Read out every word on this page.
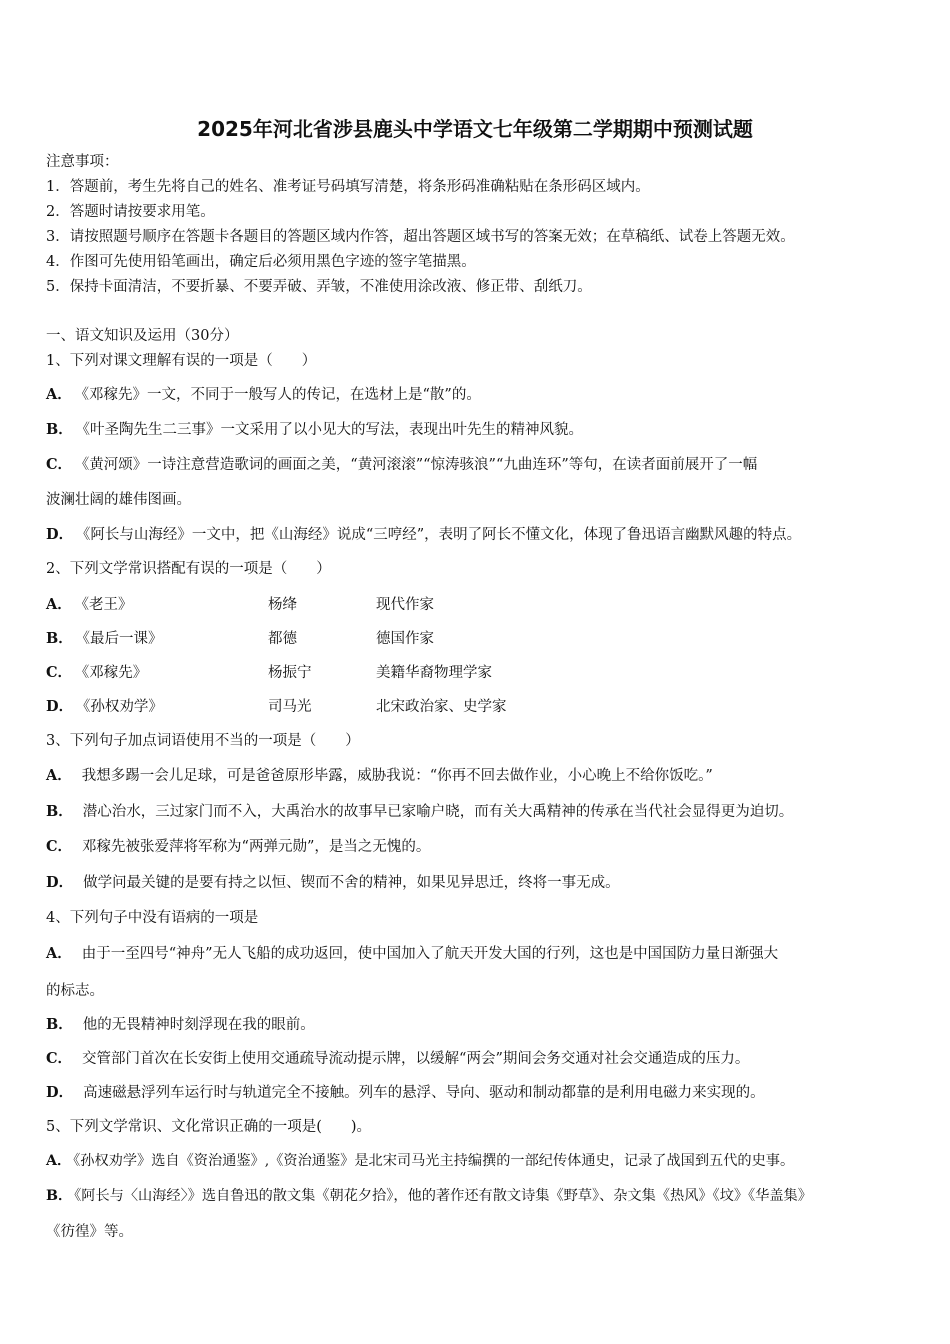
2025年河北省涉县鹿头中学语文七年级第二学期期中预测试题
注意事项：
1．答题前，考生先将自己的姓名、准考证号码填写清楚，将条形码准确粘贴在条形码区域内。
2．答题时请按要求用笔。
3．请按照题号顺序在答题卡各题目的答题区域内作答，超出答题区域书写的答案无效；在草稿纸、试卷上答题无效。
4．作图可先使用铅笔画出，确定后必须用黑色字迹的签字笔描黑。
5．保持卡面清洁，不要折暴、不要弄破、弄皱，不准使用涂改液、修正带、刮纸刀。
一、语文知识及运用（30分）
1、下列对课文理解有误的一项是（　　）
A． 《邓稼先》一文，不同于一般写人的传记，在选材上是“散”的。
B． 《叶圣陶先生二三事》一文采用了以小见大的写法，表现出叶先生的精神风貌。
C． 《黄河颂》一诗注意营造歌词的画面之美，“黄河滚滚”“惊涛骇浪”“九曲连环”等句，在读者面前展开了一幅
波澜壮阔的雄伟图画。
D． 《阿长与山海经》一文中，把《山海经》说成“三哼经”，表明了阿长不懂文化，体现了鲁迅语言幽默风趣的特点。
2、下列文学常识搭配有误的一项是（　　）
A． 《老王》	杨绛	现代作家
B． 《最后一课》	都德	德国作家
C． 《邓稼先》	杨振宁	美籍华裔物理学家
D． 《孙权劝学》	司马光	北宋政治家、史学家
3、下列句子加点词语使用不当的一项是（　　）
A． 我想多踢一会儿足球，可是爸爸原形毕露，威胁我说：“你再不回去做作业，小心晚上不给你饭吃。”
B． 潜心治水，三过家门而不入，大禹治水的故事早已家喻户晓，而有关大禹精神的传承在当代社会显得更为迫切。
C． 邓稼先被张爱萍将军称为“两弹元勋”，是当之无愧的。
D． 做学问最关键的是要有持之以恒、锲而不舍的精神，如果见异思迁，终将一事无成。
4、下列句子中没有语病的一项是
A． 由于一至四号“神舟”无人飞船的成功返回，使中国加入了航天开发大国的行列，这也是中国国防力量日渐强大
的标志。
B． 他的无畏精神时刻浮现在我的眼前。
C． 交管部门首次在长安街上使用交通疏导流动提示牌，以缓解“两会”期间会务交通对社会交通造成的压力。
D． 高速磁悬浮列车运行时与轨道完全不接触。列车的悬浮、导向、驱动和制动都靠的是利用电磁力来实现的。
5、下列文学常识、文化常识正确的一项是(　　)。
A． 《孙权劝学》选自《资治通鉴》,《资治通鉴》是北宋司马光主持编撰的一部纪传体通史，记录了战国到五代的史事。
B． 《阿长与〈山海经〉》选自鲁迅的散文集《朝花夕拾》，他的著作还有散文诗集《野草》、杂文集《热风》《坟》《华盖集》
《彷徨》等。
